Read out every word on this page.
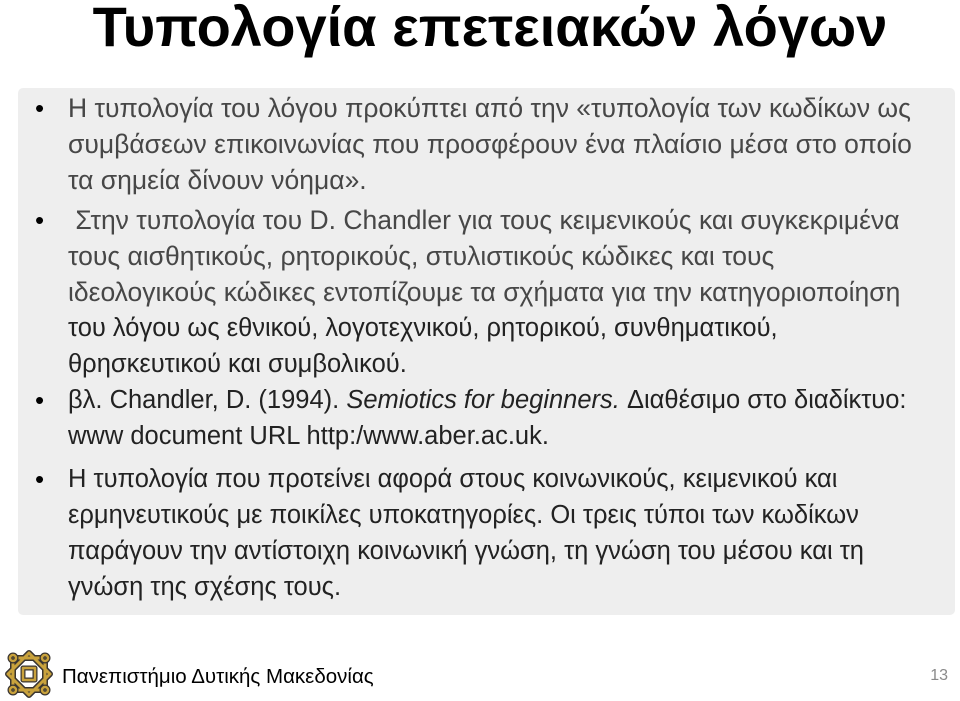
Τυπολογία επετειακών λόγων
• Η τυπολογία του λόγου προκύπτει από την «τυπολογία των κωδίκων ως
συμβάσεων επικοινωνίας που προσφέρουν ένα πλαίσιο μέσα στο οποίο
τα σημεία δίνουν νόημα».
• Στην τυπολογία του D. Chandler για τους κειμενικούς και συγκεκριμένα
τους αισθητικούς, ρητορικούς, στυλιστικούς κώδικες και τους
ιδεολογικούς κώδικες εντοπίζουμε τα σχήματα για την κατηγοριοποίηση
του λόγου ως εθνικού, λογοτεχνικού, ρητορικού, συνθηματικού,
θρησκευτικού και συμβολικού.
• βλ. Chandler, D. (1994). Semiotics for beginners. Διαθέσιμο στο διαδίκτυο:
www document URL http:/www.aber.ac.uk.
• Η τυπολογία που προτείνει αφορά στους κοινωνικούς, κειμενικού και
ερμηνευτικούς με ποικίλες υποκατηγορίες. Οι τρεις τύποι των κωδίκων
παράγουν την αντίστοιχη κοινωνική γνώση, τη γνώση του μέσου και τη
γνώση της σχέσης τους.
Πανεπιστήμιο Δυτικής Μακεδονίας	13
